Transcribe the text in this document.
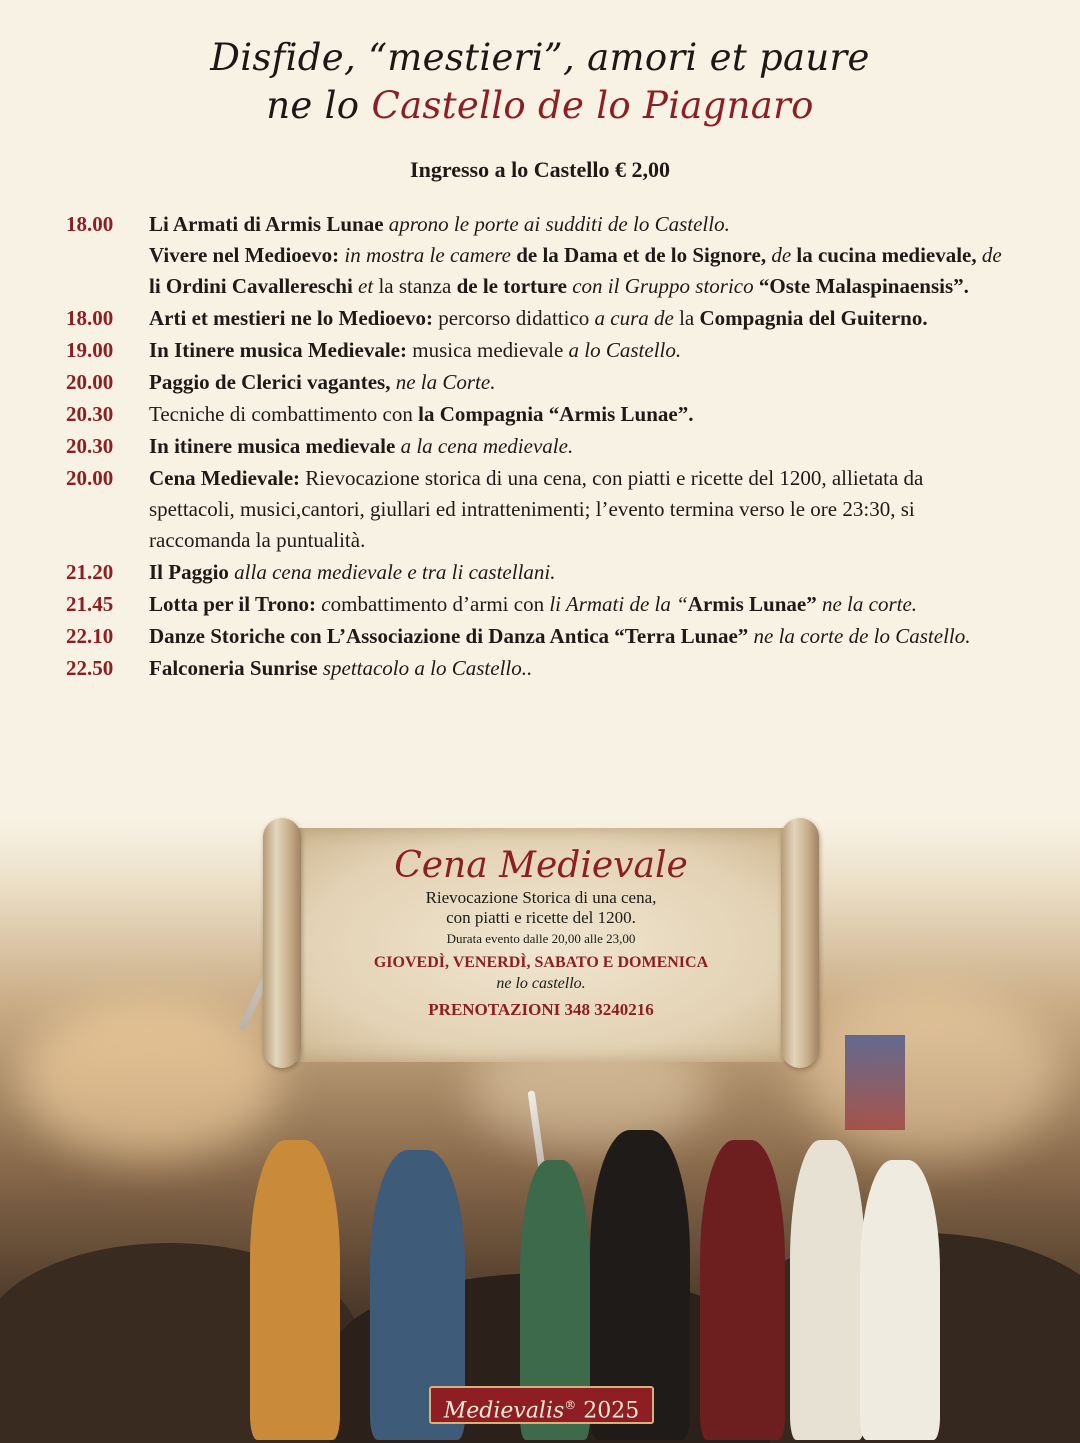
Disfide, “mestieri”, amori et paure
ne lo Castello de lo Piagnaro
Ingresso a lo Castello € 2,00
18.00	Li Armati di Armis Lunae aprono le porte ai sudditi de lo Castello.
Vivere nel Medioevo: in mostra le camere de la Dama et de lo Signore, de la cucina medievale, de li Ordini Cavallereschi et la stanza de le torture con il Gruppo storico “Oste Malaspinaensis”.
18.00	Arti et mestieri ne lo Medioevo: percorso didattico a cura de la Compagnia del Guiterno.
19.00	In Itinere musica Medievale: musica medievale a lo Castello.
20.00	Paggio de Clerici vagantes, ne la Corte.
20.30	Tecniche di combattimento con la Compagnia “Armis Lunae”.
20.30	In itinere musica medievale a la cena medievale.
20.00	Cena Medievale: Rievocazione storica di una cena, con piatti e ricette del 1200, allietata da spettacoli, musici,cantori, giullari ed intrattenimenti; l’evento termina verso le ore 23:30, si raccomanda la puntualità.
21.20	Il Paggio alla cena medievale e tra li castellani.
21.45	Lotta per il Trono: combattimento d’armi con li Armati de la “Armis Lunae” ne la corte.
22.10	Danze Storiche con L’Associazione di Danza Antica “Terra Lunae” ne la corte de lo Castello.
22.50	Falconeria Sunrise spettacolo a lo Castello..
Cena Medievale
Rievocazione Storica di una cena,
con piatti e ricette del 1200.
Durata evento dalle 20,00 alle 23,00
GIOVEDÌ, VENERDÌ, SABATO E DOMENICA
ne lo castello.
PRENOTAZIONI 348 3240216
Medievalis® 2025
